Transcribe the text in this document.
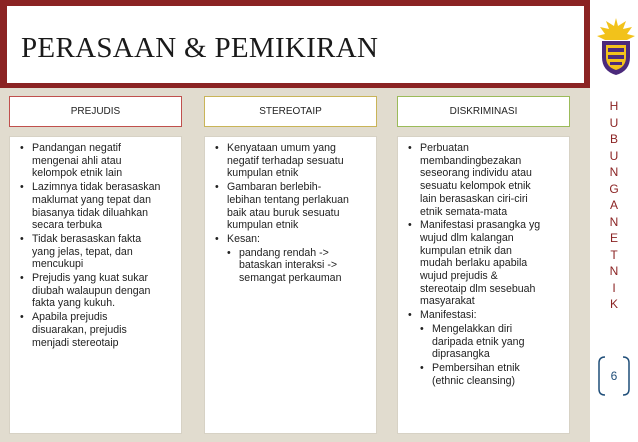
PERASAAN & PEMIKIRAN
H
U
B
U
N
G
A
N
E
T
N
I
K
6
PREJUDIS
• Pandangan negatif
mengenai ahli atau
kelompok etnik lain
• Lazimnya tidak berasaskan
maklumat yang tepat dan
biasanya tidak diluahkan
secara terbuka
• Tidak berasaskan fakta
yang jelas, tepat, dan
mencukupi
• Prejudis yang kuat sukar
diubah walaupun dengan
fakta yang kukuh.
• Apabila prejudis
disuarakan, prejudis
menjadi stereotaip
STEREOTAIP
• Kenyataan umum yang
negatif terhadap sesuatu
kumpulan etnik
• Gambaran berlebih-
lebihan tentang perlakuan
baik atau buruk sesuatu
kumpulan etnik
• Kesan:
• pandang rendah ->
bataskan interaksi ->
semangat perkauman
DISKRIMINASI
• Perbuatan
membandingbezakan
seseorang individu atau
sesuatu kelompok etnik
lain berasaskan ciri-ciri
etnik semata-mata
• Manifestasi prasangka yg
wujud dlm kalangan
kumpulan etnik dan
mudah berlaku apabila
wujud prejudis &
stereotaip dlm sesebuah
masyarakat
• Manifestasi:
• Mengelakkan diri
daripada etnik yang
diprasangka
• Pembersihan etnik
(ethnic cleansing)
